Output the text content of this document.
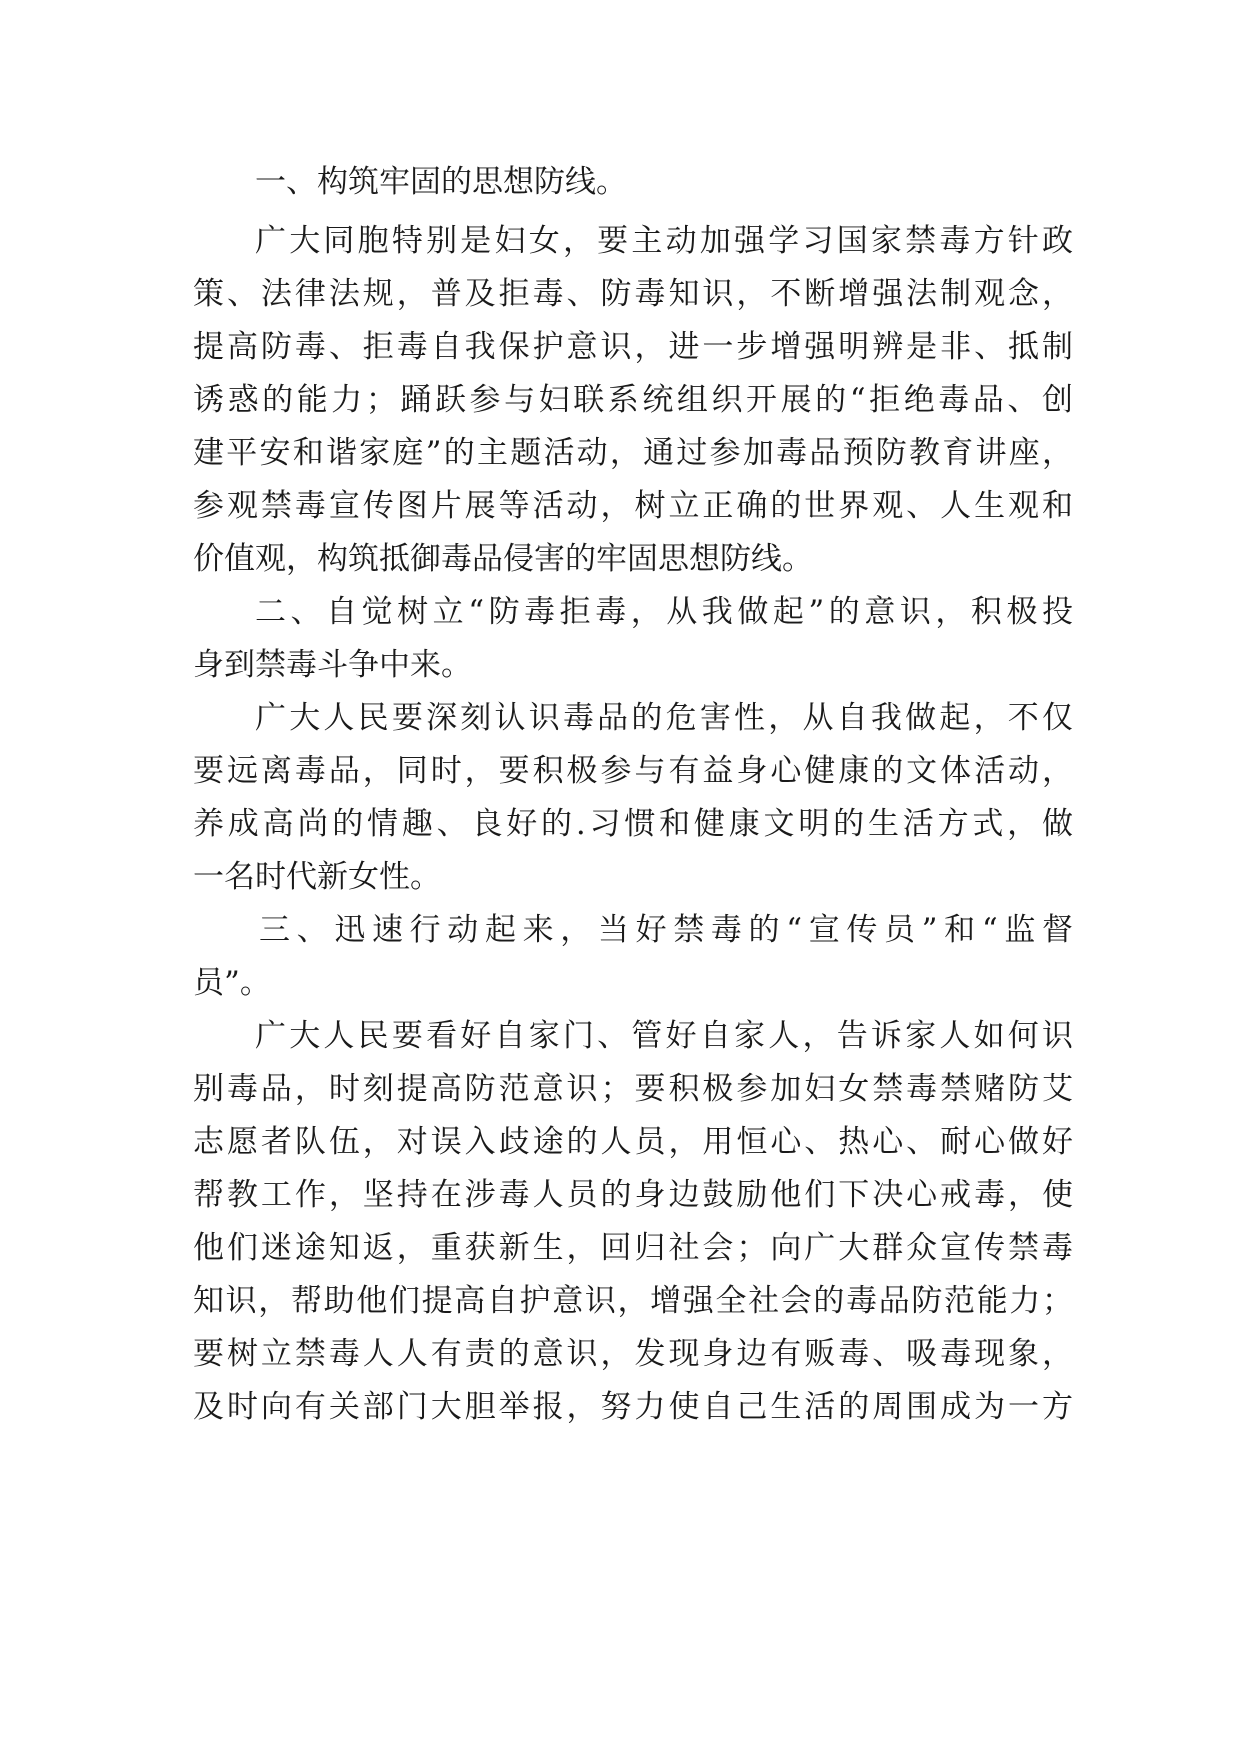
一、构筑牢固的思想防线。
广大同胞特别是妇女，要主动加强学习国家禁毒方针政
策、法律法规，普及拒毒、防毒知识，不断增强法制观念，
提高防毒、拒毒自我保护意识，进一步增强明辨是非、抵制
诱惑的能力；踊跃参与妇联系统组织开展的“拒绝毒品、创
建平安和谐家庭”的主题活动，通过参加毒品预防教育讲座，
参观禁毒宣传图片展等活动，树立正确的世界观、人生观和
价值观，构筑抵御毒品侵害的牢固思想防线。
二、自觉树立“防毒拒毒，从我做起”的意识，积极投
身到禁毒斗争中来。
广大人民要深刻认识毒品的危害性，从自我做起，不仅
要远离毒品，同时，要积极参与有益身心健康的文体活动，
养成高尚的情趣、良好的.习惯和健康文明的生活方式，做
一名时代新女性。
三、迅速行动起来，当好禁毒的“宣传员”和“监督
员”。
广大人民要看好自家门、管好自家人，告诉家人如何识
别毒品，时刻提高防范意识；要积极参加妇女禁毒禁赌防艾
志愿者队伍，对误入歧途的人员，用恒心、热心、耐心做好
帮教工作，坚持在涉毒人员的身边鼓励他们下决心戒毒，使
他们迷途知返，重获新生，回归社会；向广大群众宣传禁毒
知识，帮助他们提高自护意识，增强全社会的毒品防范能力；
要树立禁毒人人有责的意识，发现身边有贩毒、吸毒现象，
及时向有关部门大胆举报，努力使自己生活的周围成为一方
